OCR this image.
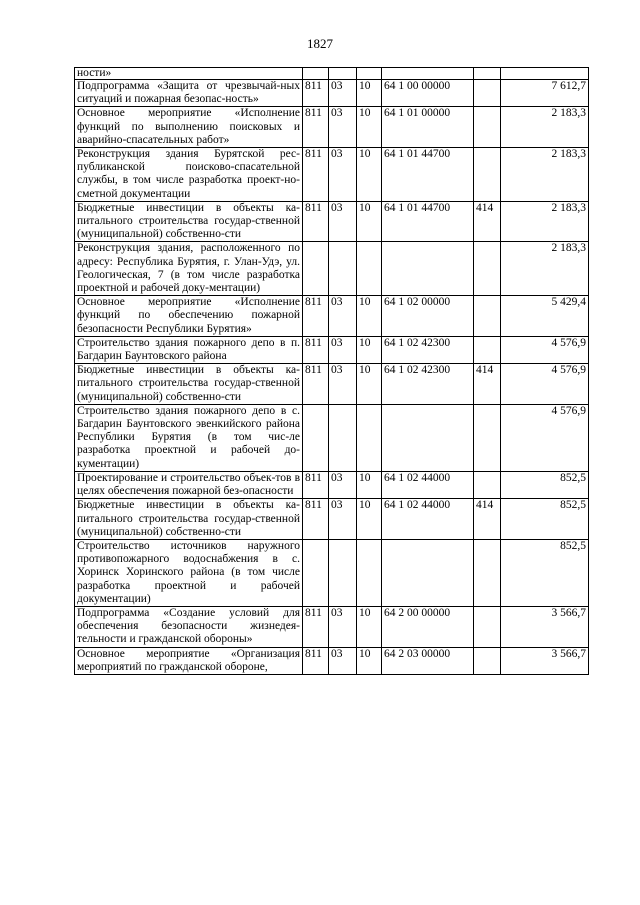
1827
ности»						
Подпрограмма «Защита от чрезвычай-ных ситуаций и пожарная безопас-ность»	811	03	10	64 1 00 00000		7 612,7
Основное мероприятие «Исполнение функций по выполнению поисковых и аварийно-спасательных работ»	811	03	10	64 1 01 00000		2 183,3
Реконструкция здания Бурятской рес-публиканской поисково-спасательной службы, в том числе разработка проект-но-сметной документации	811	03	10	64 1 01 44700		2 183,3
Бюджетные инвестиции в объекты ка-питального строительства государ-ственной (муниципальной) собственно-сти	811	03	10	64 1 01 44700	414	2 183,3
Реконструкция здания, расположенного по адресу: Республика Бурятия, г. Улан-Удэ, ул. Геологическая, 7 (в том числе разработка проектной и рабочей доку-ментации)						2 183,3
Основное мероприятие «Исполнение функций по обеспечению пожарной безопасности Республики Бурятия»	811	03	10	64 1 02 00000		5 429,4
Строительство здания пожарного депо в п. Багдарин Баунтовского района	811	03	10	64 1 02 42300		4 576,9
Бюджетные инвестиции в объекты ка-питального строительства государ-ственной (муниципальной) собственно-сти	811	03	10	64 1 02 42300	414	4 576,9
Строительство здания пожарного депо в с. Багдарин Баунтовского эвенкийского района Республики Бурятия (в том чис-ле разработка проектной и рабочей до-кументации)						4 576,9
Проектирование и строительство объек-тов в целях обеспечения пожарной без-опасности	811	03	10	64 1 02 44000		852,5
Бюджетные инвестиции в объекты ка-питального строительства государ-ственной (муниципальной) собственно-сти	811	03	10	64 1 02 44000	414	852,5
Строительство источников наружного противопожарного водоснабжения в с. Хоринск Хоринского района (в том числе разработка проектной и рабочей документации)						852,5
Подпрограмма «Создание условий для обеспечения безопасности жизнедея-тельности и гражданской обороны»	811	03	10	64 2 00 00000		3 566,7
Основное мероприятие «Организация мероприятий по гражданской обороне,	811	03	10	64 2 03 00000		3 566,7
